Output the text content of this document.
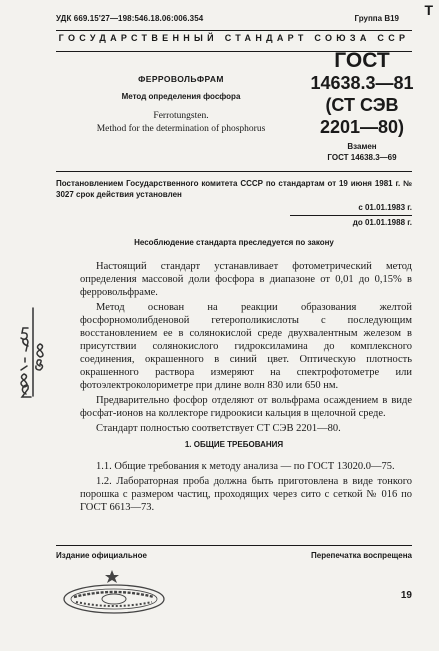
Т
УДК 669.15'27—198:546.18.06:006.354	Группа В19
ГОСУДАРСТВЕННЫЙ СТАНДАРТ СОЮЗА ССР
ФЕРРОВОЛЬФРАМ
Метод определения фосфора
Ferrotungsten.
Method for the determination of phosphorus
ГОСТ
14638.3—81
(СТ СЭВ
2201—80)
Взамен
ГОСТ 14638.3—69
Постановлением Государственного комитета СССР по стандартам от 19 июня 1981 г. № 3027 срок действия установлен
с 01.01.1983 г.
до 01.01.1988 г.
Несоблюдение стандарта преследуется по закону

Настоящий стандарт устанавливает фотометрический метод определения массовой доли фосфора в диапазоне от 0,01 до 0,15% в ферровольфраме.

Метод основан на реакции образования желтой фосфорномолибденовой гетерополикислоты с последующим восстановлением ее в солянокислой среде двухвалентным железом в присутствии солянокислого гидроксиламина до комплексного соединения, окрашенного в синий цвет. Оптическую плотность окрашенного раствора измеряют на спектрофотометре или фотоэлектроколориметре при длине волн 830 или 650 нм.

Предварительно фосфор отделяют от вольфрама осаждением в виде фосфат-ионов на коллекторе гидроокиси кальция в щелочной среде.

Стандарт полностью соответствует СТ СЭВ 2201—80.

1. ОБЩИЕ ТРЕБОВАНИЯ

1.1. Общие требования к методу анализа — по ГОСТ 13020.0—75.

1.2. Лабораторная проба должна быть приготовлена в виде тонкого порошка с размером частиц, проходящих через сито с сеткой № 016 по ГОСТ 6613—73.

Издание официальное	Перепечатка воспрещена
19
